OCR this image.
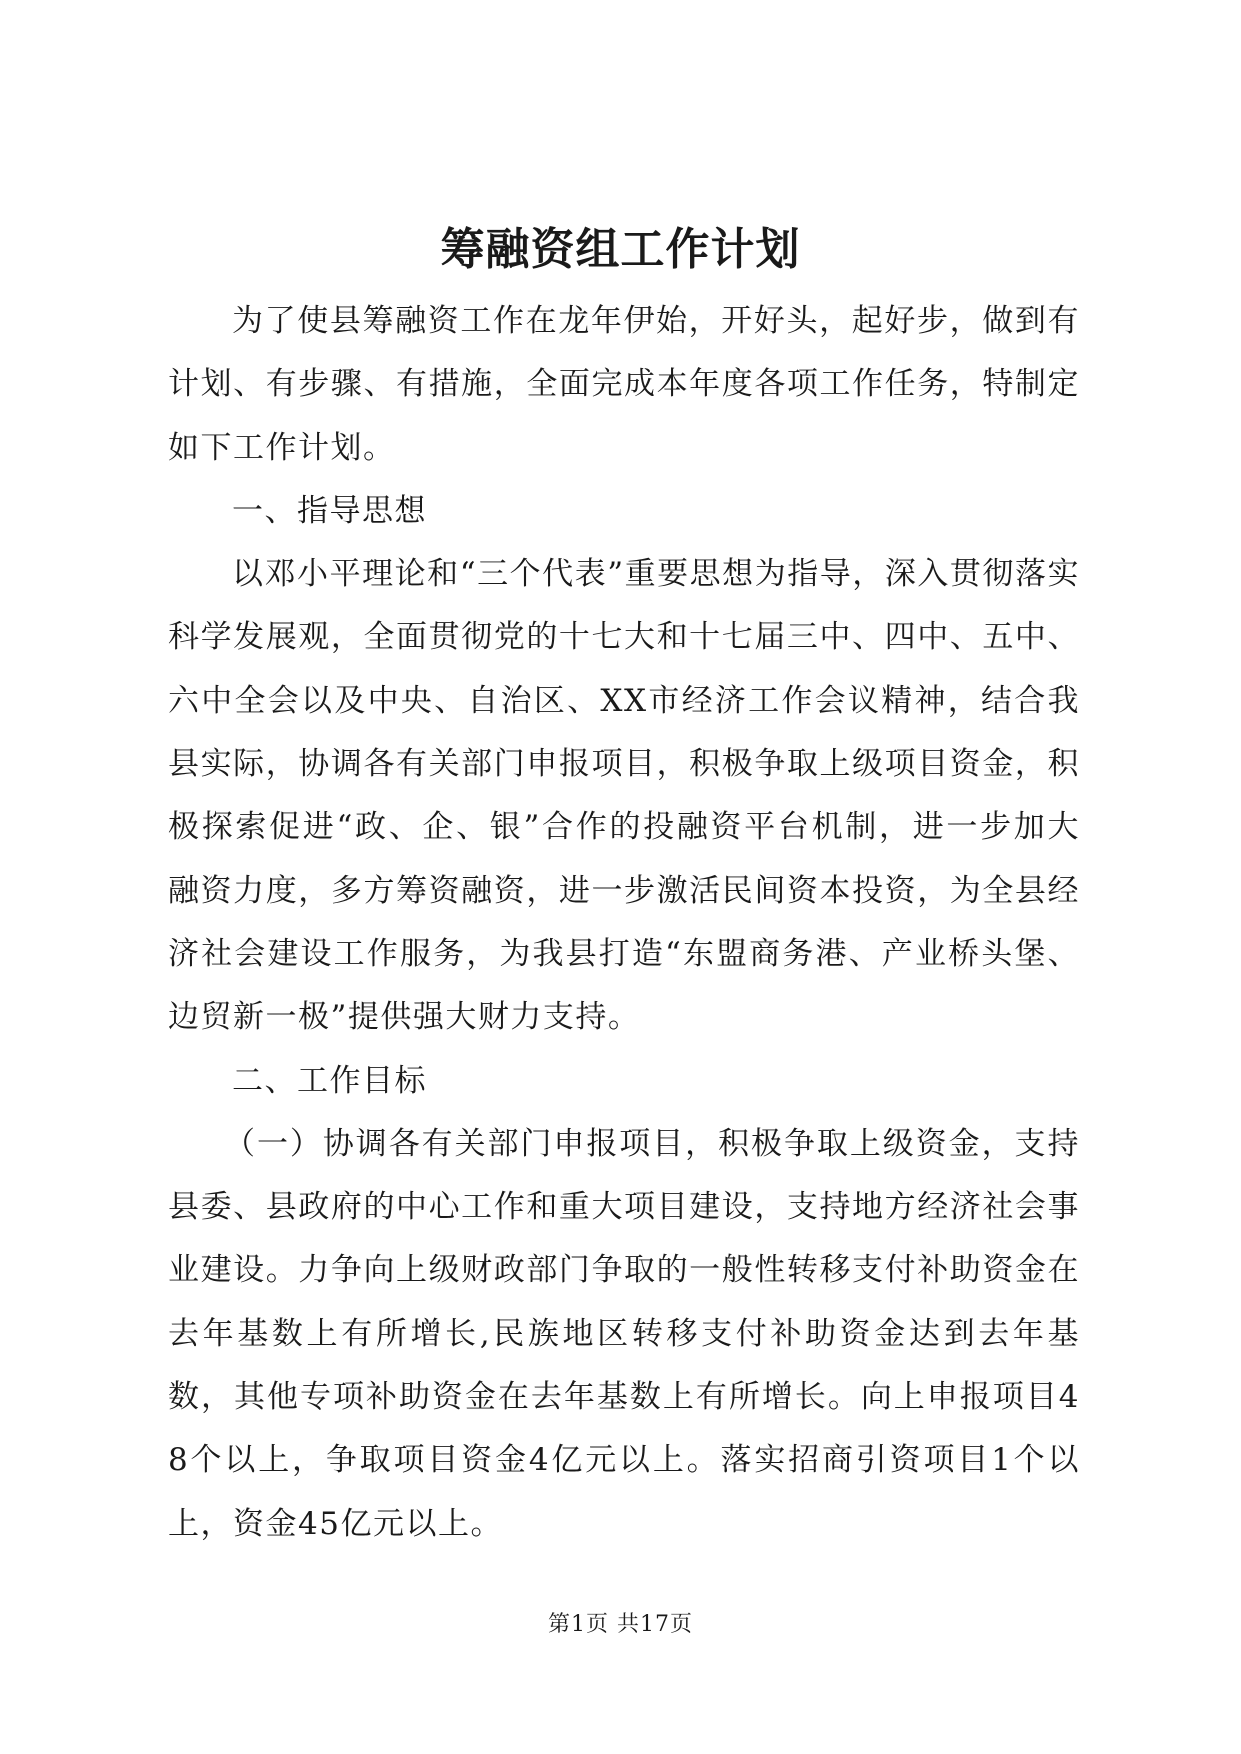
筹融资组工作计划

为了使县筹融资工作在龙年伊始，开好头，起好步，做到有计划、有步骤、有措施，全面完成本年度各项工作任务，特制定如下工作计划。

一、指导思想

以邓小平理论和“三个代表”重要思想为指导，深入贯彻落实科学发展观，全面贯彻党的十七大和十七届三中、四中、五中、六中全会以及中央、自治区、XX市经济工作会议精神，结合我县实际，协调各有关部门申报项目，积极争取上级项目资金，积极探索促进“政、企、银”合作的投融资平台机制，进一步加大融资力度，多方筹资融资，进一步激活民间资本投资，为全县经济社会建设工作服务，为我县打造“东盟商务港、产业桥头堡、边贸新一极”提供强大财力支持。

二、工作目标

（一）协调各有关部门申报项目，积极争取上级资金，支持县委、县政府的中心工作和重大项目建设，支持地方经济社会事业建设。力争向上级财政部门争取的一般性转移支付补助资金在去年基数上有所增长,民族地区转移支付补助资金达到去年基数，其他专项补助资金在去年基数上有所增长。向上申报项目48个以上，争取项目资金4亿元以上。落实招商引资项目1个以上，资金45亿元以上。

第1页 共17页
